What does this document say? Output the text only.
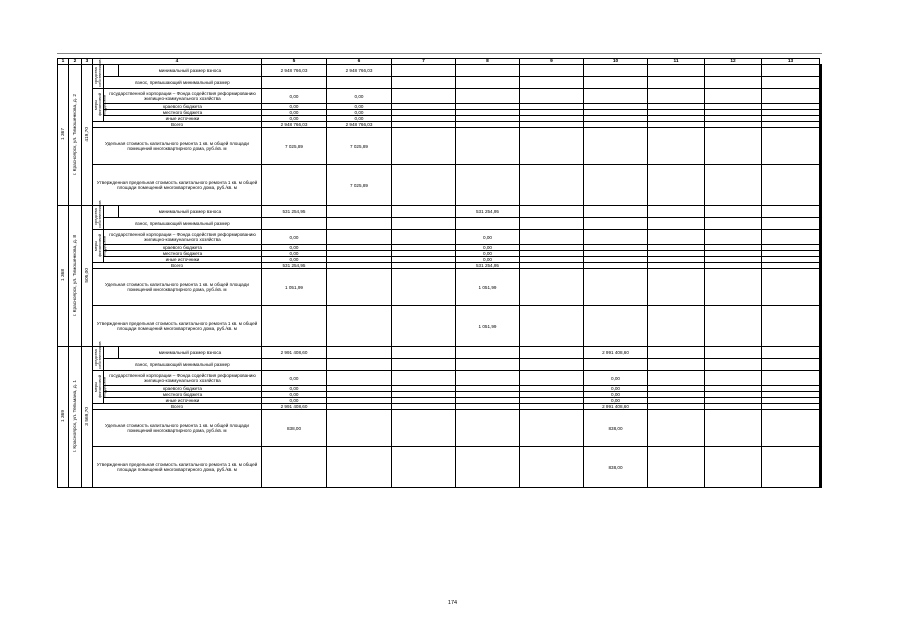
1	2	3	4			5	6	7	8	9	10	11	12	13	
1 367	г. Красноярск, ул. Тимошенкова, д. 2	419,70	средства собственников		минимальный размер взноса	2 948 766,03	2 948 766,03									
				взнос, превышающий минимальный размер											
			меры финансовой поддержки	государственной корпорации – Фонда содействия реформированию жилищно-коммунального хозяйства		0,00	0,00									
				краевого бюджета		0,00	0,00									
				местного бюджета		0,00	0,00									
				иные источники		0,00	0,00									
			Всего			2 948 766,03	2 948 766,03									
			Удельная стоимость капитального ремонта 1 кв. м общей площади помещений многоквартирного дома, руб./кв. м			7 025,89	7 025,89									
			Утвержденная предельная стоимость капитального ремонта 1 кв. м общей площади помещений многоквартирного дома, руб./кв. м				7 025,89									
1 368	г. Красноярск, ул. Тимошенкова, д. 8	505,00	средства собственников		минимальный размер взноса	531 254,95			531 254,95							
				взнос, превышающий минимальный размер											
			меры финансовой поддержки	государственной корпорации – Фонда содействия реформированию жилищно-коммунального хозяйства		0,00			0,00							
				краевого бюджета		0,00			0,00							
				местного бюджета		0,00			0,00							
				иные источники		0,00			0,00							
			Всего			531 254,95			531 254,95							
			Удельная стоимость капитального ремонта 1 кв. м общей площади помещений многоквартирного дома, руб./кв. м			1 051,99			1 051,99							
			Утвержденная предельная стоимость капитального ремонта 1 кв. м общей площади помещений многоквартирного дома, руб./кв. м						1 051,99							
1 369	г. Красноярск, ул. Тельмана, д. 1	3 569,70	средства собственников		минимальный размер взноса	2 991 408,60					2 991 408,60					
				взнос, превышающий минимальный размер											
			меры финансовой поддержки	государственной корпорации – Фонда содействия реформированию жилищно-коммунального хозяйства		0,00					0,00					
				краевого бюджета		0,00					0,00					
				местного бюджета		0,00					0,00					
				иные источники		0,00					0,00					
			Всего			2 991 408,60					2 991 408,60					
			Удельная стоимость капитального ремонта 1 кв. м общей площади помещений многоквартирного дома, руб./кв. м			838,00					838,00					
			Утвержденная предельная стоимость капитального ремонта 1 кв. м общей площади помещений многоквартирного дома, руб./кв. м								838,00					
174
